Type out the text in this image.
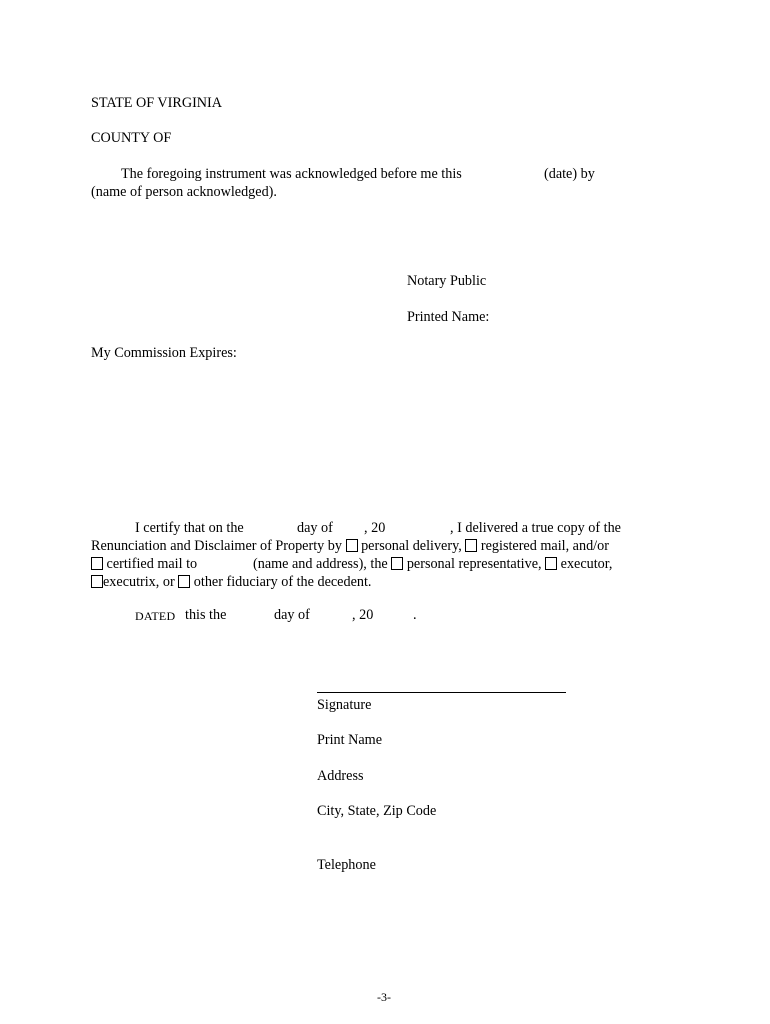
STATE OF VIRGINIA
COUNTY OF
The foregoing instrument was acknowledged before me this	(date) by
(name of person acknowledged).
Notary Public
Printed Name:
My Commission Expires:
I certify that on the	day of , 20	, I delivered a true copy of the
Renunciation and Disclaimer of Property by personal delivery, registered mail, and/or
certified mail to	(name and address), the personal representative, executor,
executrix, or other fiduciary of the decedent.
DATED this the	day of	, 20	.
Signature
Print Name
Address
City, State, Zip Code
Telephone
-3-
